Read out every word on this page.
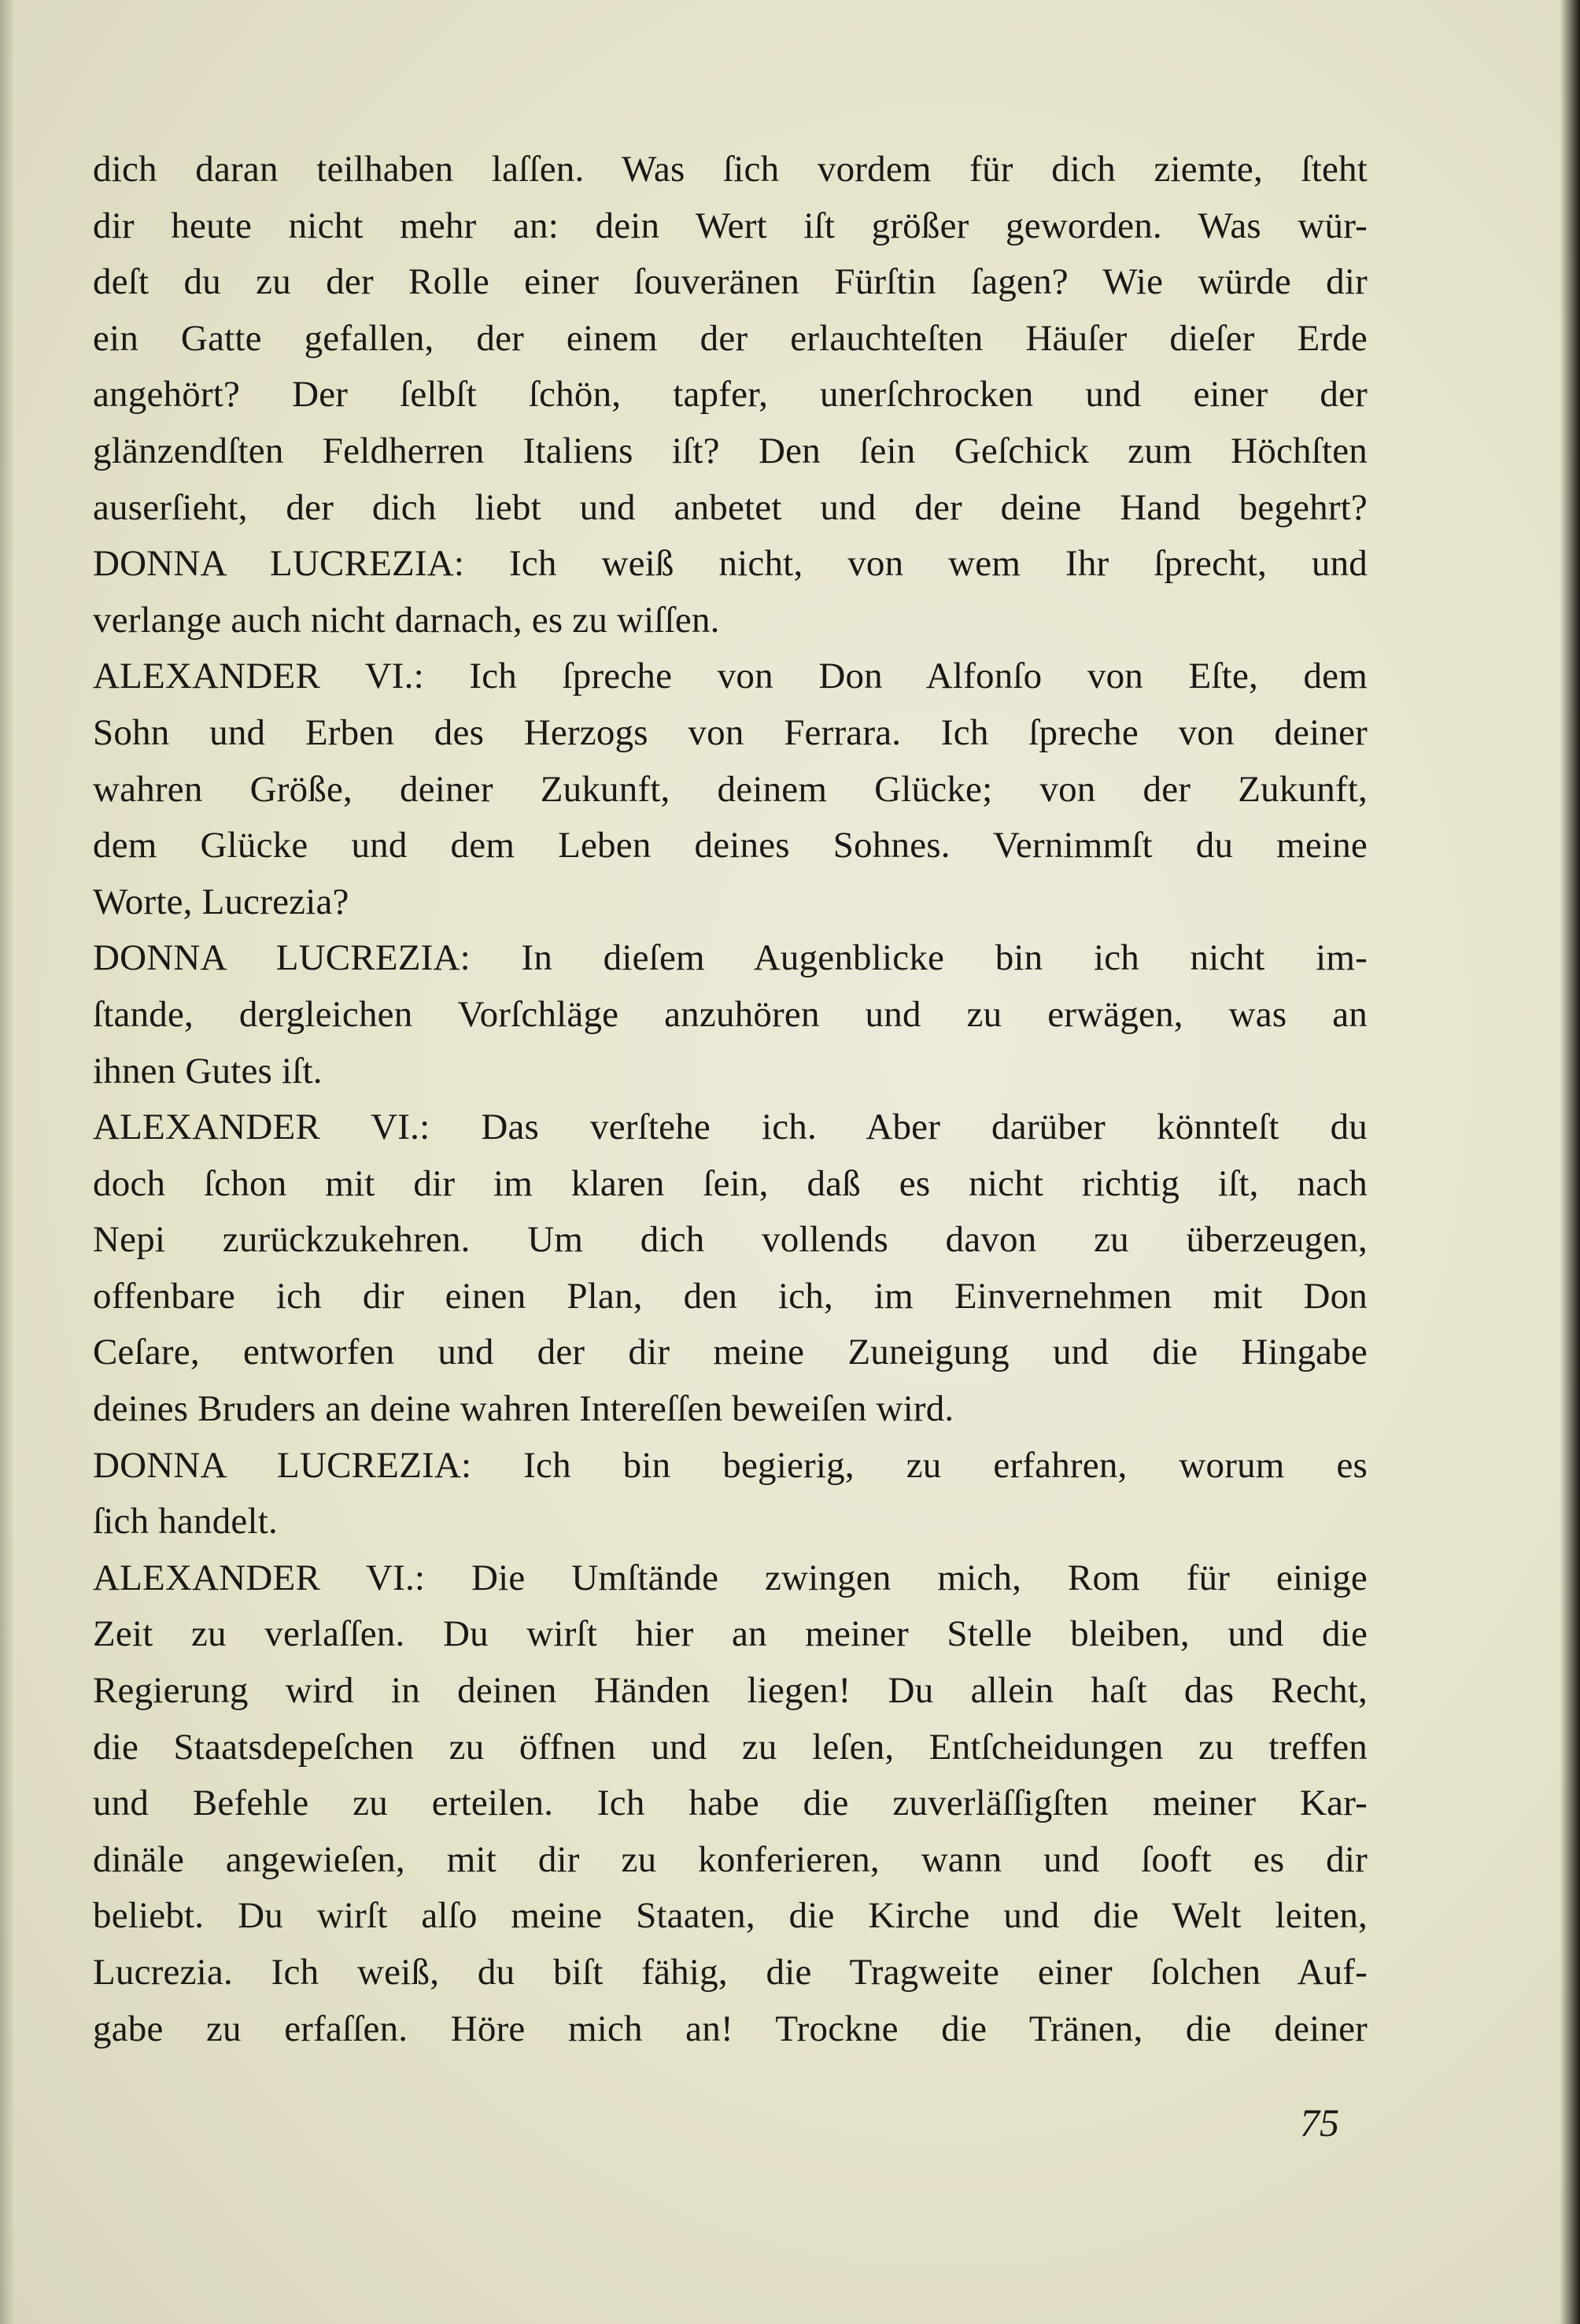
dich daran teilhaben laſſen. Was ſich vordem für dich ziemte, ſteht
dir heute nicht mehr an: dein Wert iſt größer geworden. Was wür-
deſt du zu der Rolle einer ſouveränen Fürſtin ſagen? Wie würde dir
ein Gatte gefallen, der einem der erlauchteſten Häuſer dieſer Erde
angehört? Der ſelbſt ſchön, tapfer, unerſchrocken und einer der
glänzendſten Feldherren Italiens iſt? Den ſein Geſchick zum Höchſten
auserſieht, der dich liebt und anbetet und der deine Hand begehrt?
DONNA LUCREZIA: Ich weiß nicht, von wem Ihr ſprecht, und
verlange auch nicht darnach, es zu wiſſen.
ALEXANDER VI.: Ich ſpreche von Don Alfonſo von Eſte, dem
Sohn und Erben des Herzogs von Ferrara. Ich ſpreche von deiner
wahren Größe, deiner Zukunft, deinem Glücke; von der Zukunft,
dem Glücke und dem Leben deines Sohnes. Vernimmſt du meine
Worte, Lucrezia?
DONNA LUCREZIA: In dieſem Augenblicke bin ich nicht im-
ſtande, dergleichen Vorſchläge anzuhören und zu erwägen, was an
ihnen Gutes iſt.
ALEXANDER VI.: Das verſtehe ich. Aber darüber könnteſt du
doch ſchon mit dir im klaren ſein, daß es nicht richtig iſt, nach
Nepi zurückzukehren. Um dich vollends davon zu überzeugen,
offenbare ich dir einen Plan, den ich, im Einvernehmen mit Don
Ceſare, entworfen und der dir meine Zuneigung und die Hingabe
deines Bruders an deine wahren Intereſſen beweiſen wird.
DONNA LUCREZIA: Ich bin begierig, zu erfahren, worum es
ſich handelt.
ALEXANDER VI.: Die Umſtände zwingen mich, Rom für einige
Zeit zu verlaſſen. Du wirſt hier an meiner Stelle bleiben, und die
Regierung wird in deinen Händen liegen! Du allein haſt das Recht,
die Staatsdepeſchen zu öffnen und zu leſen, Entſcheidungen zu treffen
und Befehle zu erteilen. Ich habe die zuverläſſigſten meiner Kar-
dinäle angewieſen, mit dir zu konferieren, wann und ſooft es dir
beliebt. Du wirſt alſo meine Staaten, die Kirche und die Welt leiten,
Lucrezia. Ich weiß, du biſt fähig, die Tragweite einer ſolchen Auf-
gabe zu erfaſſen. Höre mich an! Trockne die Tränen, die deiner
75
